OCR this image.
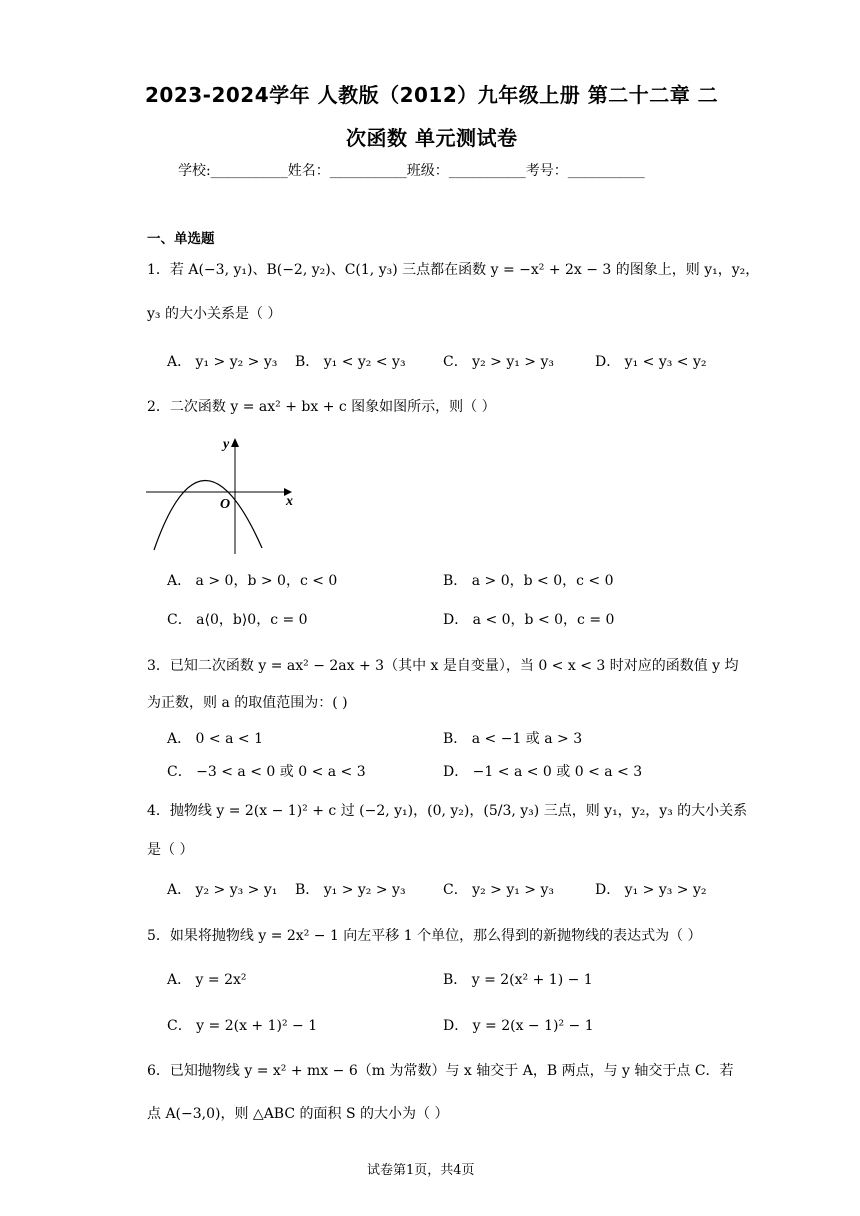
2023-2024学年 人教版（2012）九年级上册 第二十二章 二
次函数 单元测试卷
学校:___________姓名：___________班级：___________考号：___________
一、单选题
1．若 A(−3, y₁)、B(−2, y₂)、C(1, y₃) 三点都在函数 y = −x² + 2x − 3 的图象上，则 y₁，y₂，
y₃ 的大小关系是（ ）
A． y₁ > y₂ > y₃ B． y₁ < y₂ < y₃	C． y₂ > y₁ > y₃	D． y₁ < y₃ < y₂
2．二次函数 y = ax² + bx + c 图象如图所示，则（ ）
y
x
O
A． a > 0，b > 0，c < 0	B． a > 0，b < 0，c < 0
C． a⟨0，b⟩0，c = 0	D． a < 0，b < 0，c = 0
3．已知二次函数 y = ax² − 2ax + 3（其中 x 是自变量），当 0 < x < 3 时对应的函数值 y 均
为正数，则 a 的取值范围为：( )
A． 0 < a < 1	B． a < −1 或 a > 3
C． −3 < a < 0 或 0 < a < 3	D． −1 < a < 0 或 0 < a < 3
4．抛物线 y = 2(x − 1)² + c 过 (−2, y₁)，(0, y₂)，(5/3, y₃) 三点，则 y₁，y₂，y₃ 的大小关系
是（ ）
A． y₂ > y₃ > y₁ B． y₁ > y₂ > y₃	C． y₂ > y₁ > y₃	D． y₁ > y₃ > y₂
5．如果将抛物线 y = 2x² − 1 向左平移 1 个单位，那么得到的新抛物线的表达式为（ ）
A． y = 2x²	B． y = 2(x² + 1) − 1
C． y = 2(x + 1)² − 1	D． y = 2(x − 1)² − 1
6．已知抛物线 y = x² + mx − 6（m 为常数）与 x 轴交于 A，B 两点，与 y 轴交于点 C．若
点 A(−3,0)，则 △ABC 的面积 S 的大小为（ ）
试卷第1页，共4页
